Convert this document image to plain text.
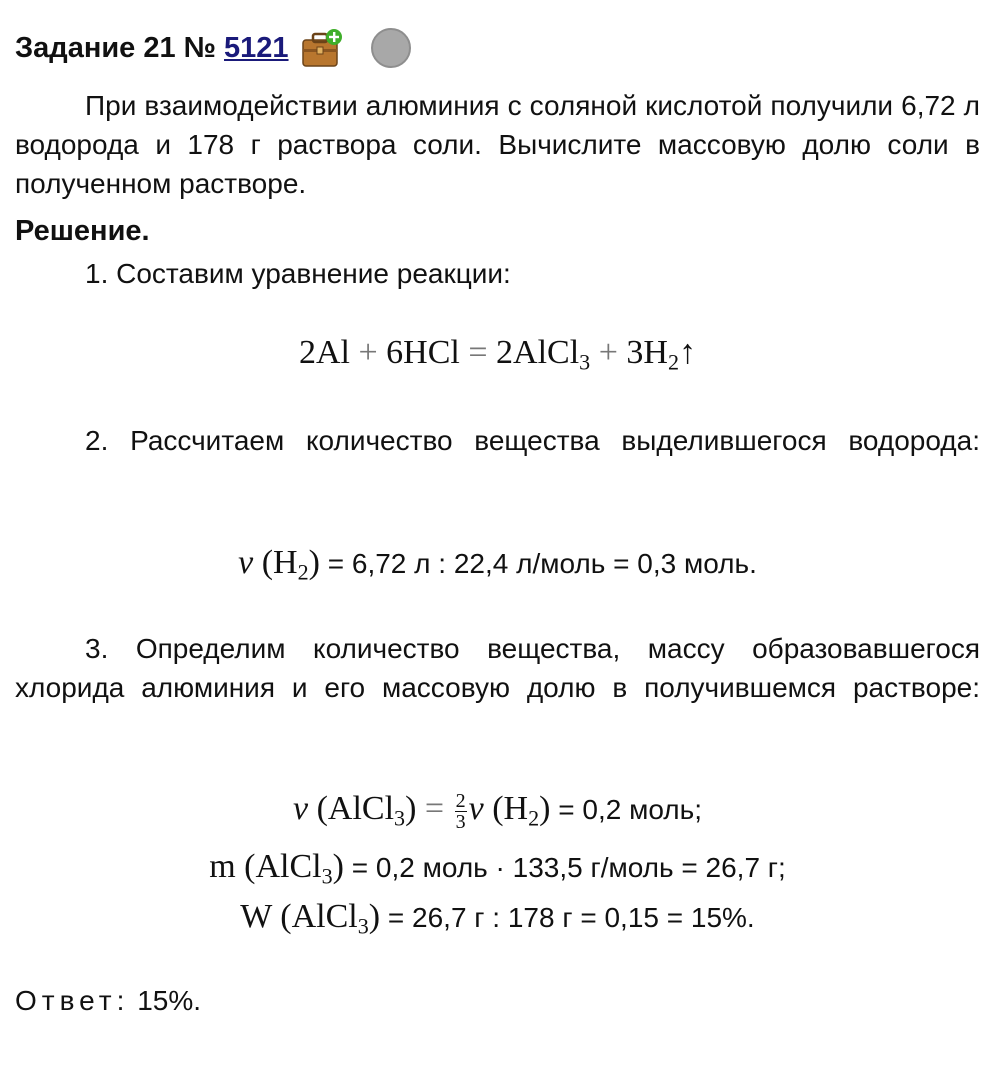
Задание 21 № 5121
При взаимодействии алюминия с соляной кислотой получили 6,72 л водорода и 178 г раствора соли. Вычислите массовую долю соли в полученном растворе.
Решение.
1. Составим уравнение реакции:
2Al + 6HCl = 2AlCl$_3$ + $3H_2↑$
2. Рассчитаем количество вещества выделившегося водорода:
ν $(H_2) = 6,72$ л : 22,4 л/моль = 0,3 моль.
3. Определим количество вещества, массу образовавшегося хлорида алюминия и его массовую долю в получившемся растворе:
ν (AlCl$_3$) = $\frac{2}{3}$ ν $(H_2) = 0,2$ моль;
m (AlCl$_3$) = 0,2 моль · 133,5 г/моль = 26,7 г;
W (AlCl$_3$) = 26,7 г : 178 г = 0,15 = 15%.
Ответ: 15%.
